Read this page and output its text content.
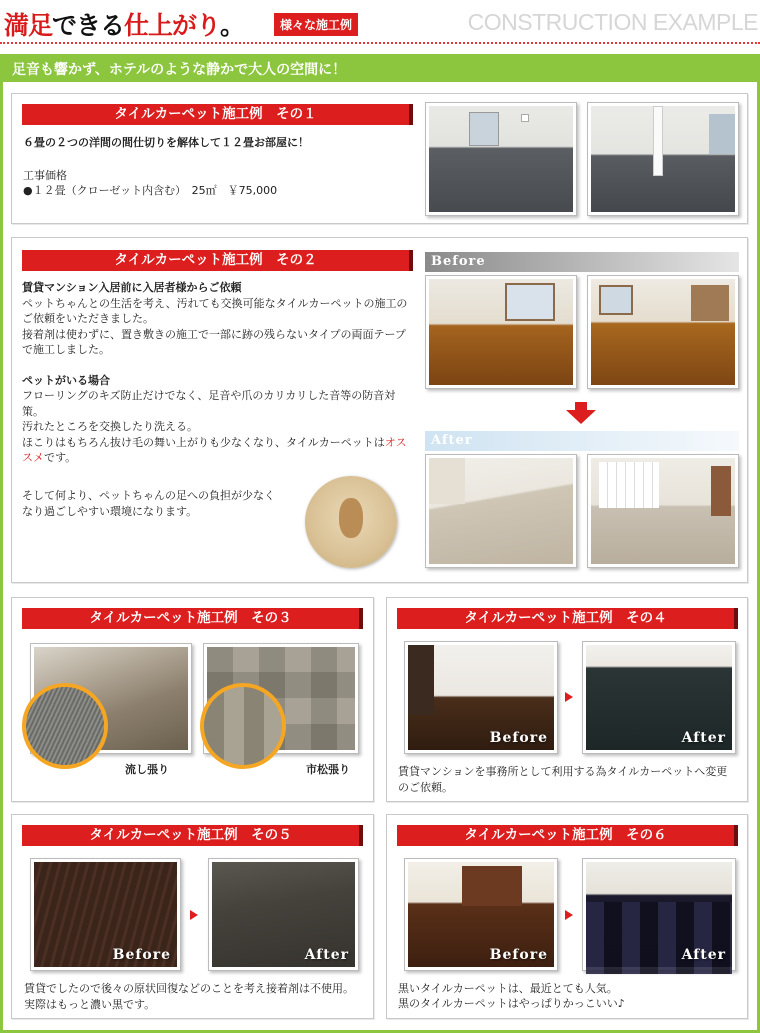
満足できる仕上がり。	様々な施工例	CONSTRUCTION EXAMPLE
足音も響かず、ホテルのような静かで大人の空間に！
タイルカーペット施工例　その１
６畳の２つの洋間の間仕切りを解体して１２畳お部屋に！
工事価格
●１２畳（クローゼット内含む）　25㎡　￥75,000
タイルカーペット施工例　その２
賃貸マンション入居前に入居者様からご依頼
ペットちゃんとの生活を考え、汚れても交換可能なタイルカーペットの施工のご依頼をいただきました。
接着剤は使わずに、置き敷きの施工で一部に跡の残らないタイプの両面テープで施工しました。
ペットがいる場合
フローリングのキズ防止だけでなく、足音や爪のカリカリした音等の防音対策。
汚れたところを交換したり洗える。
ほこりはもちろん抜け毛の舞い上がりも少なくなり、タイルカーペットはオススメです。
そして何より、ペットちゃんの足への負担が少なくなり過ごしやすい環境になります。
Before
After
タイルカーペット施工例　その３
流し張り	市松張り
タイルカーペット施工例　その４
Before	After
賃貸マンションを事務所として利用する為タイルカーペットへ変更のご依頼。
タイルカーペット施工例　その５
Before	After
賃貸でしたので後々の原状回復などのことを考え接着剤は不使用。実際はもっと濃い黒です。
タイルカーペット施工例　その６
Before	After
黒いタイルカーペットは、最近とても人気。
黒のタイルカーペットはやっぱりかっこいい♪
